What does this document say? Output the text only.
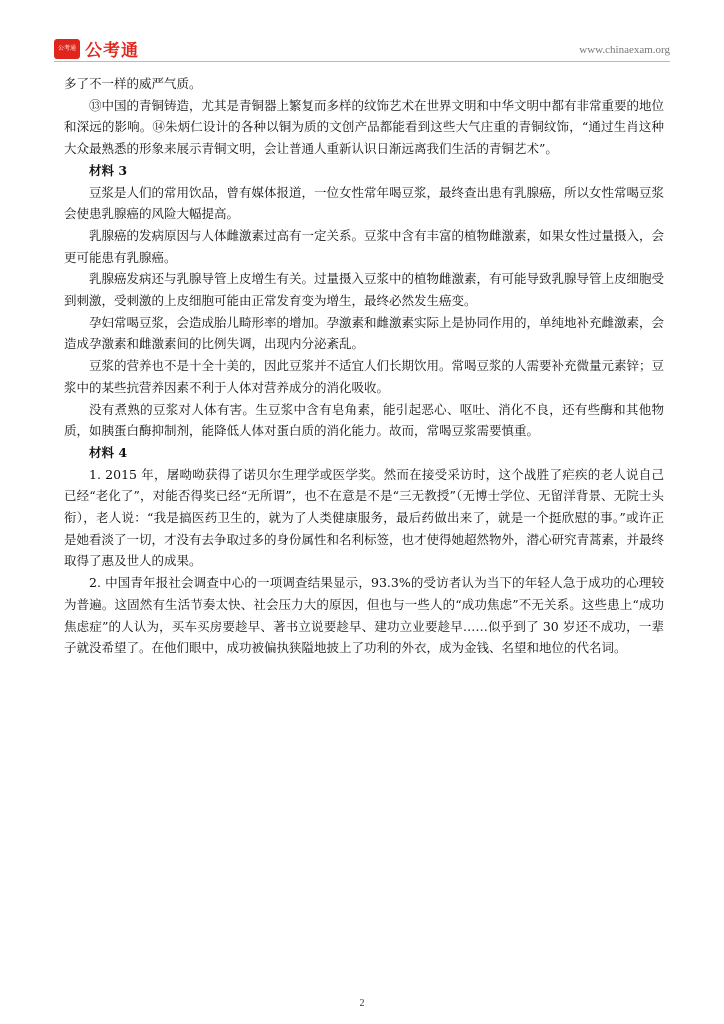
公考通 公考通	www.chinaexam.org

多了不一样的威严气质。

⑬中国的青铜铸造，尤其是青铜器上繁复而多样的纹饰艺术在世界文明和中华文明中都有非常重要的地位和深远的影响。⑭朱炳仁设计的各种以铜为质的文创产品都能看到这些大气庄重的青铜纹饰，“通过生肖这种大众最熟悉的形象来展示青铜文明，会让普通人重新认识日渐远离我们生活的青铜艺术”。

材料 3

豆浆是人们的常用饮品，曾有媒体报道，一位女性常年喝豆浆，最终查出患有乳腺癌，所以女性常喝豆浆会使患乳腺癌的风险大幅提高。

乳腺癌的发病原因与人体雌激素过高有一定关系。豆浆中含有丰富的植物雌激素，如果女性过量摄入，会更可能患有乳腺癌。

乳腺癌发病还与乳腺导管上皮增生有关。过量摄入豆浆中的植物雌激素，有可能导致乳腺导管上皮细胞受到刺激，受刺激的上皮细胞可能由正常发育变为增生，最终必然发生癌变。

孕妇常喝豆浆，会造成胎儿畸形率的增加。孕激素和雌激素实际上是协同作用的，单纯地补充雌激素，会造成孕激素和雌激素间的比例失调，出现内分泌紊乱。

豆浆的营养也不是十全十美的，因此豆浆并不适宜人们长期饮用。常喝豆浆的人需要补充微量元素锌；豆浆中的某些抗营养因素不利于人体对营养成分的消化吸收。

没有煮熟的豆浆对人体有害。生豆浆中含有皂角素，能引起恶心、呕吐、消化不良，还有些酶和其他物质，如胰蛋白酶抑制剂，能降低人体对蛋白质的消化能力。故而，常喝豆浆需要慎重。

材料 4

1. 2015 年，屠呦呦获得了诺贝尔生理学或医学奖。然而在接受采访时，这个战胜了疟疾的老人说自己已经“老化了”，对能否得奖已经“无所谓”，也不在意是不是“三无教授”（无博士学位、无留洋背景、无院士头衔），老人说：“我是搞医药卫生的，就为了人类健康服务，最后药做出来了，就是一个挺欣慰的事。”或许正是她看淡了一切，才没有去争取过多的身份属性和名利标签，也才使得她超然物外，潜心研究青蒿素，并最终取得了惠及世人的成果。

2. 中国青年报社会调查中心的一项调查结果显示，93.3%的受访者认为当下的年轻人急于成功的心理较为普遍。这固然有生活节奏太快、社会压力大的原因，但也与一些人的“成功焦虑”不无关系。这些患上“成功焦虑症”的人认为，买车买房要趁早、著书立说要趁早、建功立业要趁早……似乎到了 30 岁还不成功，一辈子就没希望了。在他们眼中，成功被偏执狭隘地披上了功利的外衣，成为金钱、名望和地位的代名词。

2
